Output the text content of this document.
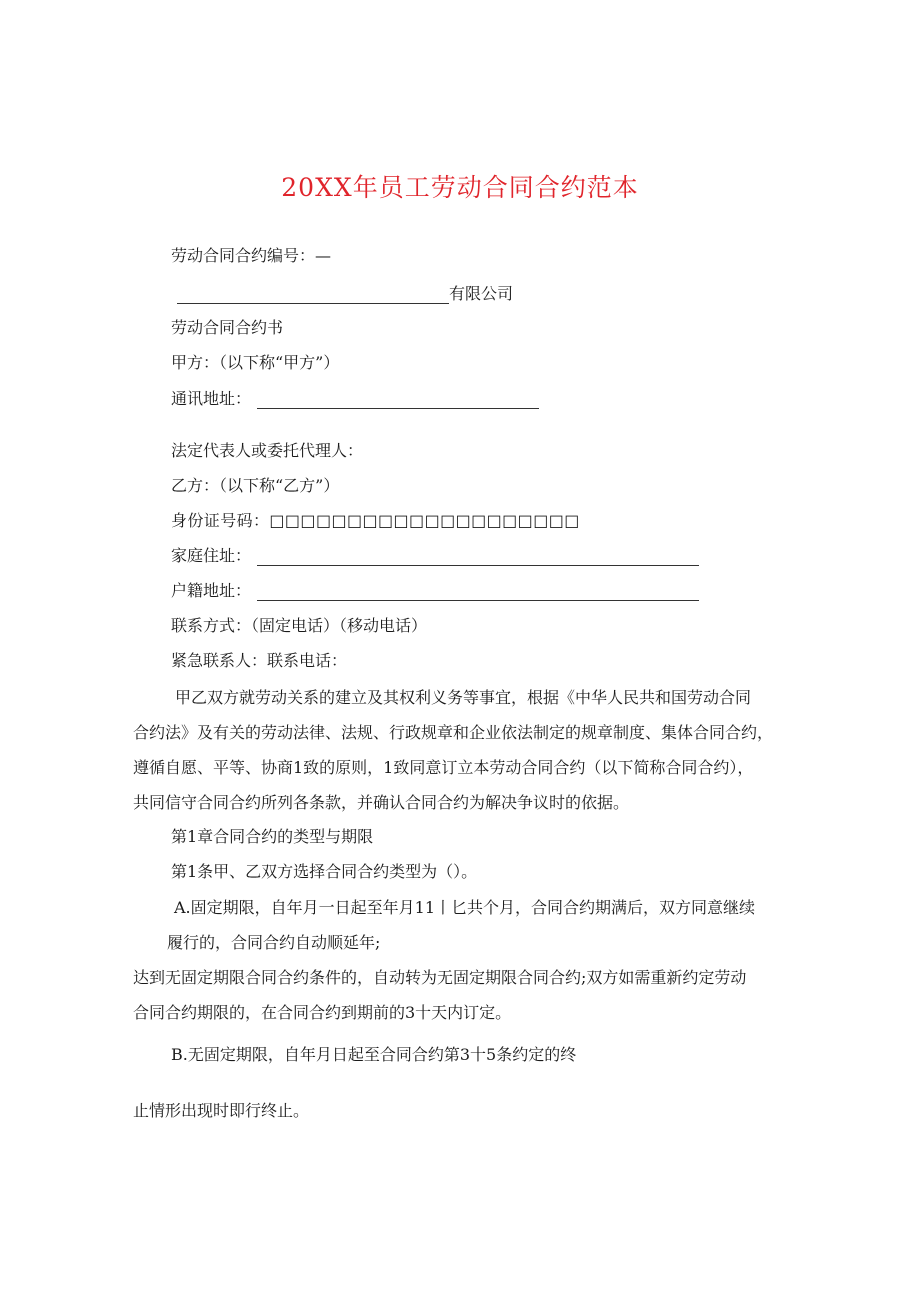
20XX年员工劳动合同合约范本
劳动合同合约编号：—
有限公司
劳动合同合约书
甲方：（以下称“甲方”）
通讯地址：
法定代表人或委托代理人：
乙方：（以下称“乙方”）
身份证号码：□□□□□□□□□□□□□□□□□□□□
家庭住址：
户籍地址：
联系方式：（固定电话）（移动电话）
紧急联系人：联系电话：
甲乙双方就劳动关系的建立及其权利义务等事宜，根据《中华人民共和国劳动合同
合约法》及有关的劳动法律、法规、行政规章和企业依法制定的规章制度、集体合同合约，
遵循自愿、平等、协商1致的原则，1致同意订立本劳动合同合约（以下简称合同合约），
共同信守合同合约所列各条款，并确认合同合约为解决争议时的依据。
第1章合同合约的类型与期限
第1条甲、乙双方选择合同合约类型为（）。
A.固定期限，自年月一日起至年月11丨匕共个月，合同合约期满后，双方同意继续
履行的，合同合约自动顺延年;
达到无固定期限合同合约条件的，自动转为无固定期限合同合约;双方如需重新约定劳动
合同合约期限的，在合同合约到期前的3十天内订定。
B.无固定期限，自年月日起至合同合约第3十5条约定的终
止情形出现时即行终止。
